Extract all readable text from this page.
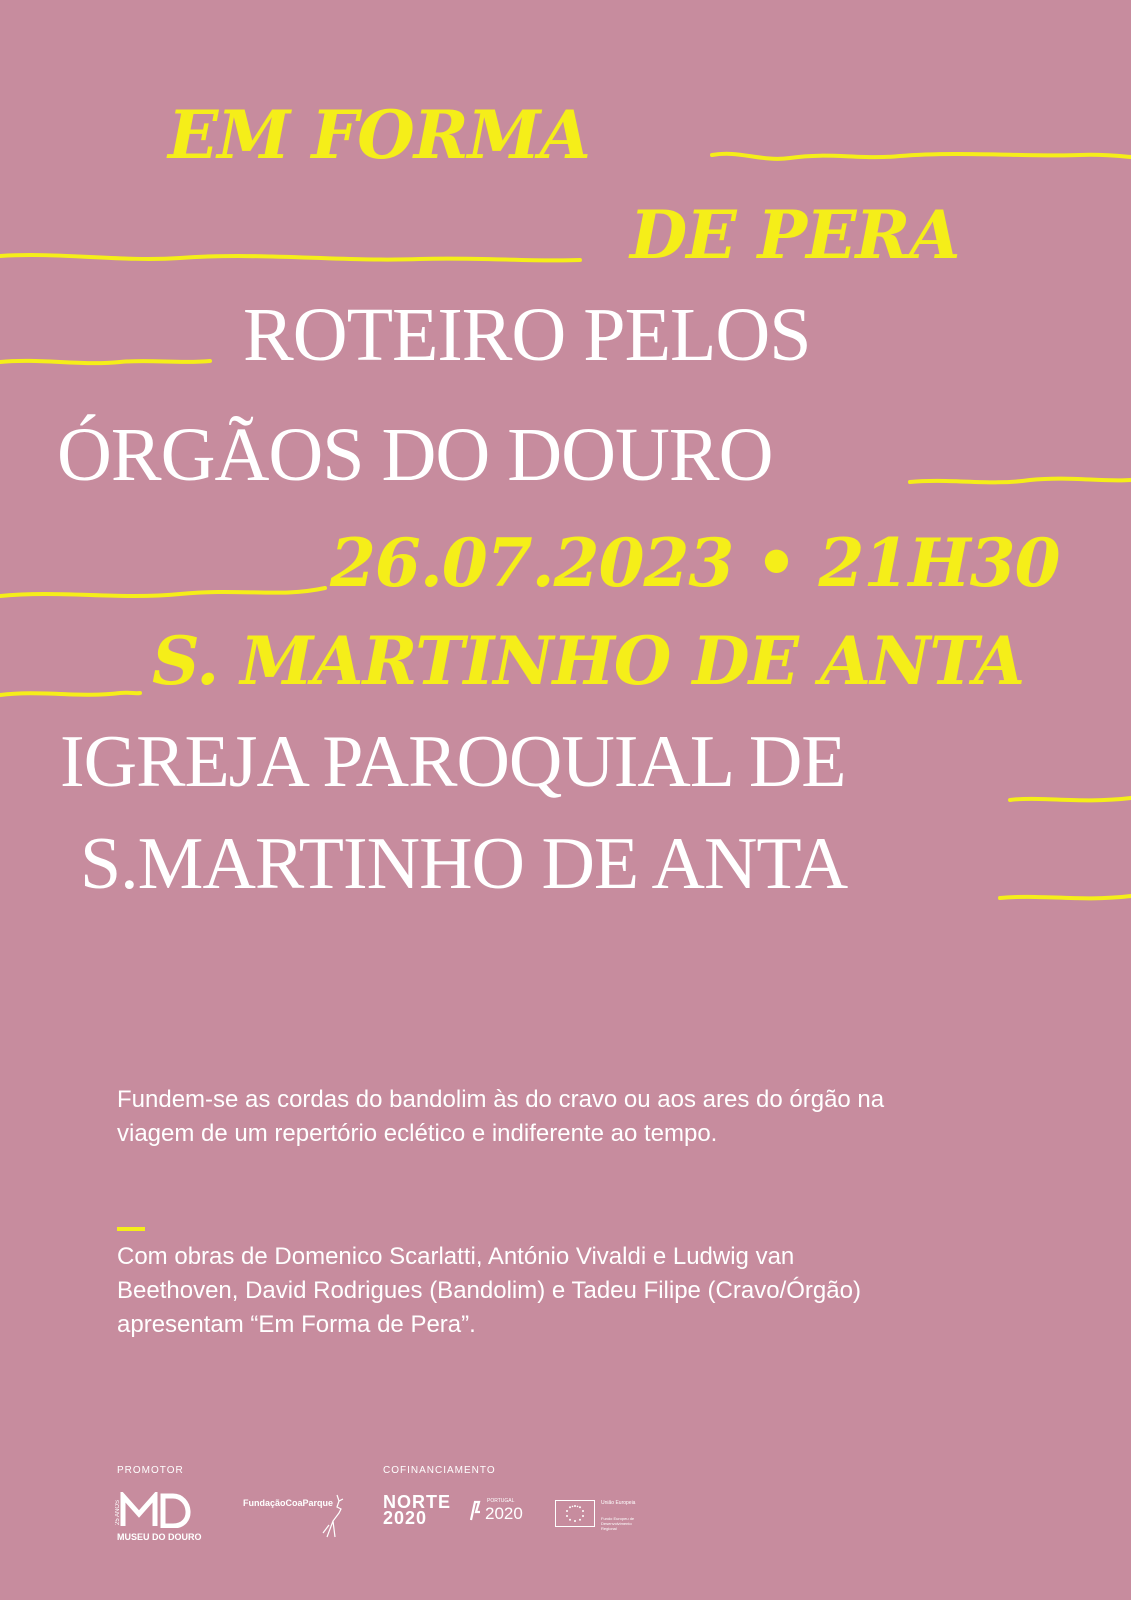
EM FORMA
DE PERA
ROTEIRO PELOS
ÓRGÃOS DO DOURO
26.07.2023 • 21H30
S. MARTINHO DE ANTA
IGREJA PAROQUIAL DE
S.MARTINHO DE ANTA
Fundem-se as cordas do bandolim às do cravo ou aos ares do órgão na viagem de um repertório eclético e indiferente ao tempo.
Com obras de Domenico Scarlatti, António Vivaldi e Ludwig van Beethoven, David Rodrigues (Bandolim) e Tadeu Filipe (Cravo/Órgão) apresentam “Em Forma de Pera”.
PROMOTOR	COFINANCIAMENTO
25 ANOS
MUSEU DO DOURO
FundaçãoCoaParque	NORTE
2020
PORTUGAL
2020
União Europeia
Fundo Europeu de Desenvolvimento Regional
